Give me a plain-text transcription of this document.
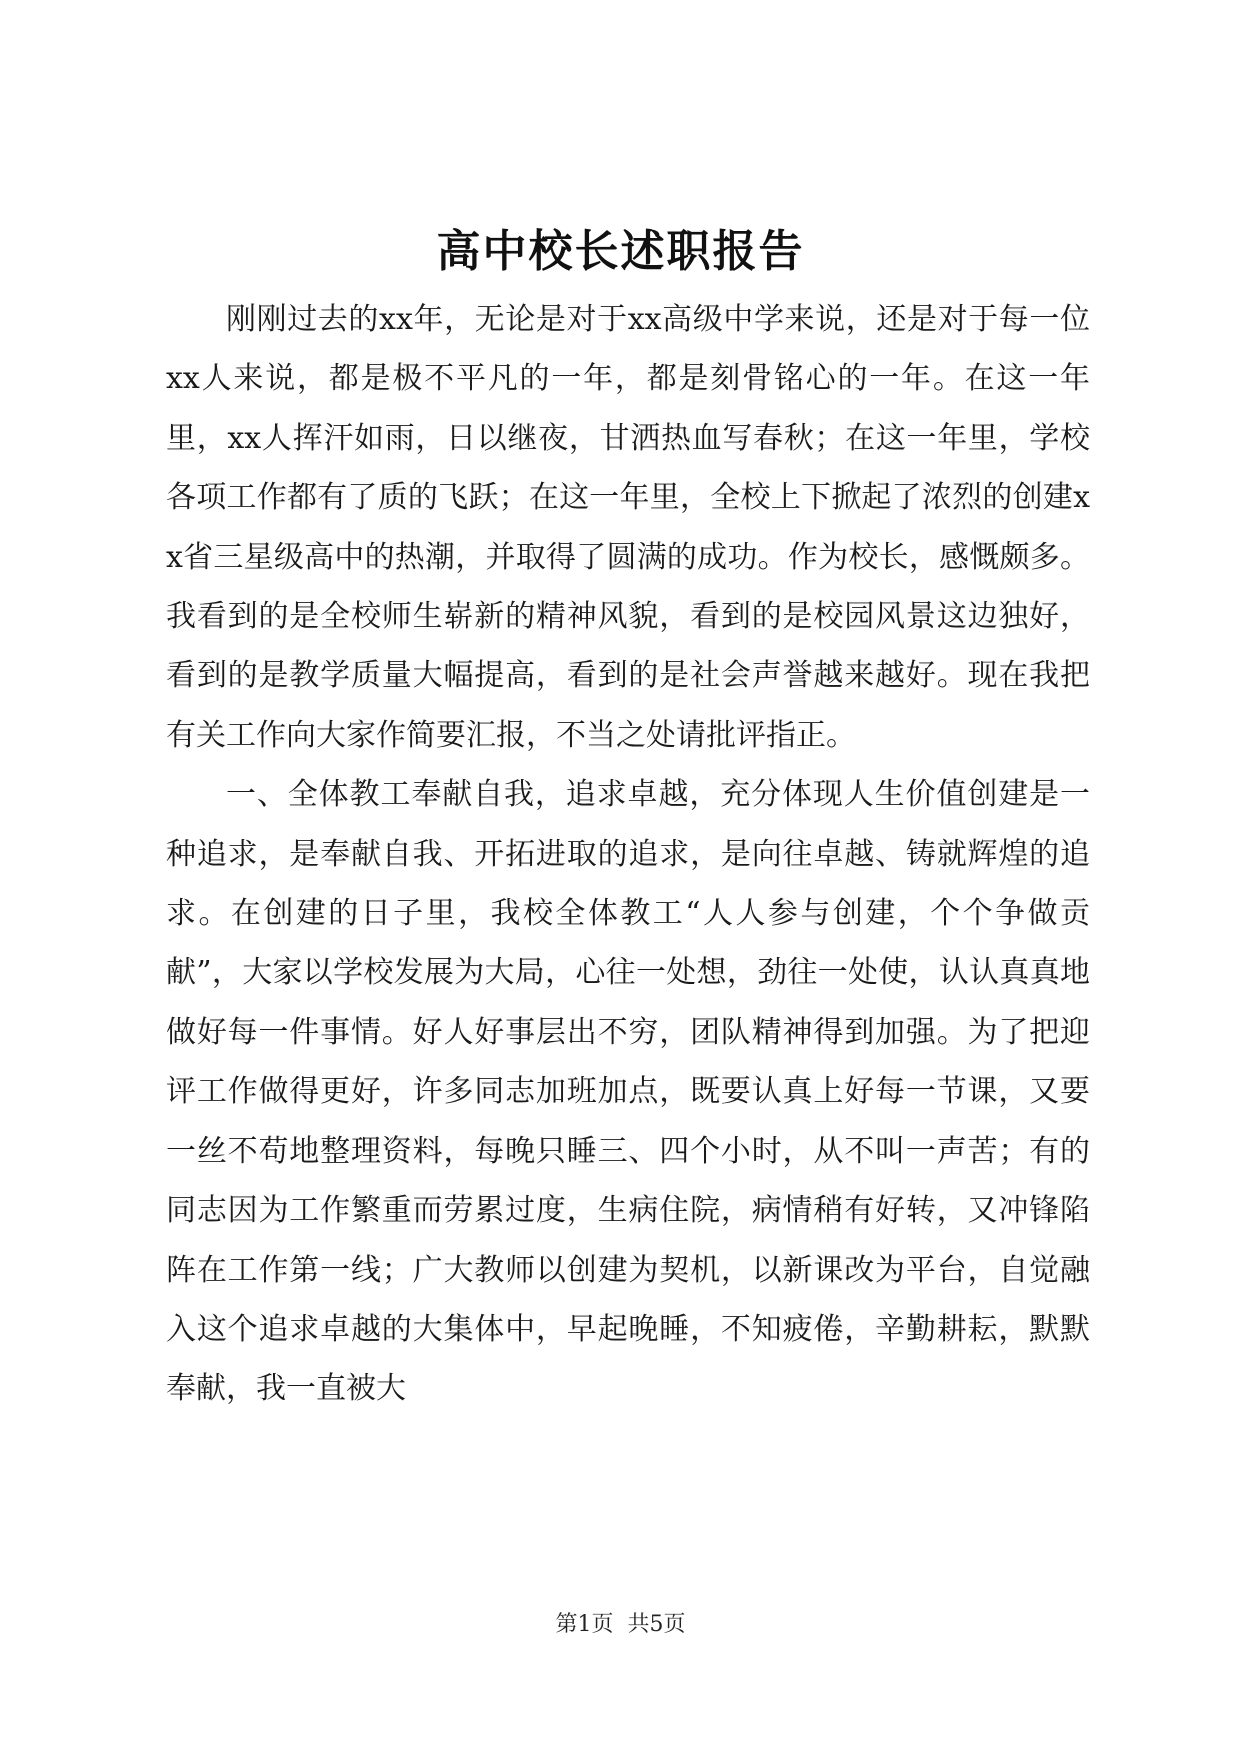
高中校长述职报告

刚刚过去的xx年，无论是对于xx高级中学来说，还是对于每一位xx人来说，都是极不平凡的一年，都是刻骨铭心的一年。在这一年里，xx人挥汗如雨，日以继夜，甘洒热血写春秋；在这一年里，学校各项工作都有了质的飞跃；在这一年里，全校上下掀起了浓烈的创建xx省三星级高中的热潮，并取得了圆满的成功。作为校长，感慨颇多。我看到的是全校师生崭新的精神风貌，看到的是校园风景这边独好，看到的是教学质量大幅提高，看到的是社会声誉越来越好。现在我把有关工作向大家作简要汇报，不当之处请批评指正。

一、全体教工奉献自我，追求卓越，充分体现人生价值创建是一种追求，是奉献自我、开拓进取的追求，是向往卓越、铸就辉煌的追求。在创建的日子里，我校全体教工“人人参与创建，个个争做贡献”，大家以学校发展为大局，心往一处想，劲往一处使，认认真真地做好每一件事情。好人好事层出不穷，团队精神得到加强。为了把迎评工作做得更好，许多同志加班加点，既要认真上好每一节课，又要一丝不苟地整理资料，每晚只睡三、四个小时，从不叫一声苦；有的同志因为工作繁重而劳累过度，生病住院，病情稍有好转，又冲锋陷阵在工作第一线；广大教师以创建为契机，以新课改为平台，自觉融入这个追求卓越的大集体中，早起晚睡，不知疲倦，辛勤耕耘，默默奉献，我一直被大

第1页 共5页
